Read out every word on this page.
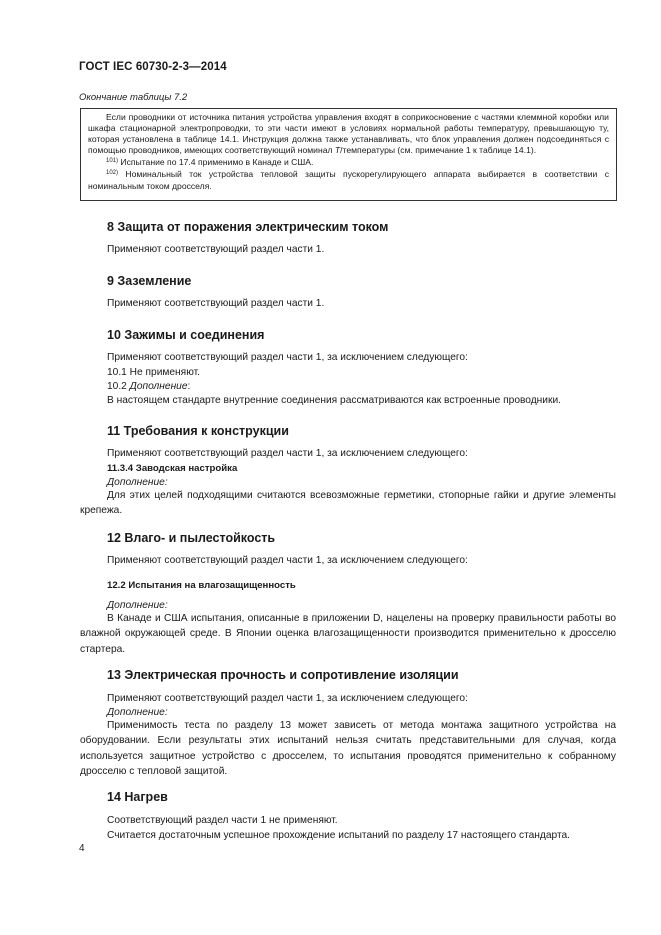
ГОСТ IEC 60730-2-3—2014
Окончание таблицы 7.2

Если проводники от источника питания устройства управления входят в соприкосновение с частями клеммной коробки или шкафа стационарной электропроводки, то эти части имеют в условиях нормальной работы температуру, превышающую ту, которая установлена в таблице 14.1. Инструкция должна также устанавливать, что блок управления должен подсоединяться с помощью проводников, имеющих соответствующий номинал T/температуры (см. примечание 1 к таблице 14.1).

$^{101)}$ Испытание по 17.4 применимо в Канаде и США.

$^{102)}$ Номинальный ток устройства тепловой защиты пускорегулирующего аппарата выбирается в соответствии с номинальным током дросселя.

8 Защита от поражения электрическим током
Применяют соответствующий раздел части 1.
9 Заземление
Применяют соответствующий раздел части 1.
10 Зажимы и соединения
Применяют соответствующий раздел части 1, за исключением следующего:
10.1 Не применяют.
10.2 Дополнение:
В настоящем стандарте внутренние соединения рассматриваются как встроенные проводники.
11 Требования к конструкции
Применяют соответствующий раздел части 1, за исключением следующего:
11.3.4 Заводская настройка
Дополнение:

Для этих целей подходящими считаются всевозможные герметики, стопорные гайки и другие элементы крепежа.

12 Влаго- и пылестойкость
Применяют соответствующий раздел части 1, за исключением следующего:
12.2 Испытания на влагозащищенность
Дополнение:

В Канаде и США испытания, описанные в приложении D, нацелены на проверку правильности работы во влажной окружающей среде. В Японии оценка влагозащищенности производится применительно к дросселю стартера.

13 Электрическая прочность и сопротивление изоляции
Применяют соответствующий раздел части 1, за исключением следующего:
Дополнение:

Применимость теста по разделу 13 может зависеть от метода монтажа защитного устройства на оборудовании. Если результаты этих испытаний нельзя считать представительными для случая, когда используется защитное устройство с дросселем, то испытания проводятся применительно к собранному дросселю с тепловой защитой.

14 Нагрев
Соответствующий раздел части 1 не применяют.
Считается достаточным успешное прохождение испытаний по разделу 17 настоящего стандарта.
4
